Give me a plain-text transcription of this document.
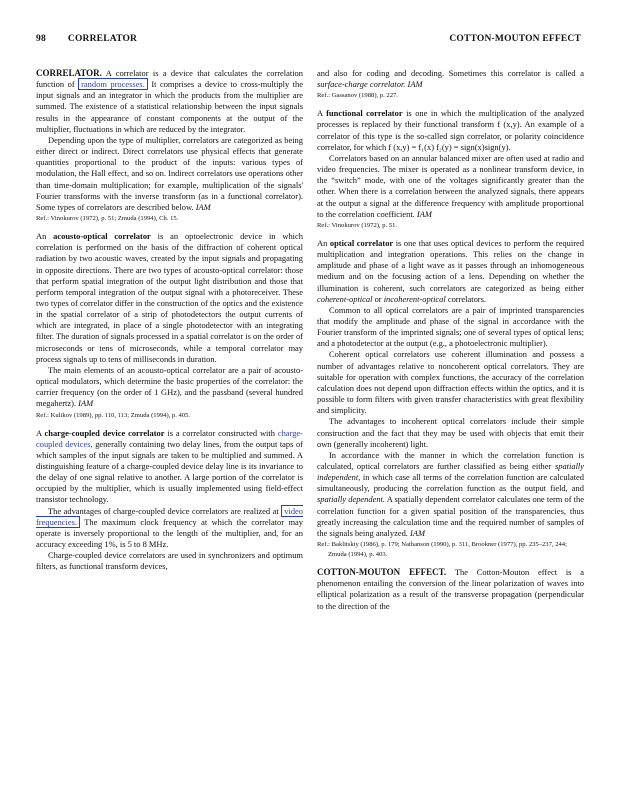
98 CORRELATOR	COTTON-MOUTON EFFECT

CORRELATOR. A correlator is a device that calculates the correlation function of random processes. It comprises a device to cross-multiply the input signals and an integrator in which the products from the multiplier are summed. The existence of a statistical relationship between the input signals results in the appearance of constant components at the output of the multiplier, fluctuations in which are reduced by the integrator.

Depending upon the type of multiplier, correlators are categorized as being either direct or indirect. Direct correlators use physical effects that generate quantities proportional to the product of the inputs: various types of modulation, the Hall effect, and so on. Indirect correlators use operations other than time-domain multiplication; for example, multiplication of the signals' Fourier transforms with the inverse transform (as in a functional correlator). Some types of correlators are described below. IAM

Ref.: Vinokurov (1972), p. 51; Zmuda (1994), Ch. 15.

An acousto-optical correlator is an optoelectronic device in which correlation is performed on the basis of the diffraction of coherent optical radiation by two acoustic waves, created by the input signals and propagating in opposite directions. There are two types of acousto-optical correlator: those that perform spatial integration of the output light distribution and those that perform temporal integration of the output signal with a photoreceiver. These two types of correlator differ in the construction of the optics and the existence in the spatial correlator of a strip of photodetectors the output currents of which are integrated, in place of a single photodetector with an integrating filter. The duration of signals processed in a spatial correlator is on the order of microseconds or tens of microseconds, while a temporal correlator may process signals up to tens of milliseconds in duration.

The main elements of an acousto-optical correlator are a pair of acousto-optical modulators, which determine the basic properties of the correlator: the carrier frequency (on the order of 1 GHz), and the passband (several hundred megahertz). IAM

Ref.: Kulikov (1989), pp. 110, 113; Zmuda (1994), p. 405.

A charge-coupled device correlator is a correlator constructed with charge-coupled devices, generally containing two delay lines, from the output taps of which samples of the input signals are taken to be multiplied and summed. A distinguishing feature of a charge-coupled device delay line is its invariance to the delay of one signal relative to another. A large portion of the correlator is occupied by the multiplier, which is usually implemented using field-effect transistor technology.

The advantages of charge-coupled device correlators are realized at video frequencies. The maximum clock frequency at which the correlator may operate is inversely proportional to the length of the multiplier, and, for an accuracy exceeding 1%, is 5 to 8 MHz.

Charge-coupled device correlators are used in synchronizers and optimum filters, as functional transform devices,

and also for coding and decoding. Sometimes this correlator is called a surface-charge correlator. IAM

Ref.: Gassanov (1988), p. 227.

A functional correlator is one in which the multiplication of the analyzed processes is replaced by their functional transform f (x,y). An example of a correlator of this type is the so-called sign correlator, or polarity coincidence correlator, for which f (x,y) = f₁(x) f₂(y) = sign(x)sign(y).

Correlators based on an annular balanced mixer are often used at radio and video frequencies. The mixer is operated as a nonlinear transform device, in the “switch” mode, with one of the voltages significantly greater than the other. When there is a correlation between the analyzed signals, there appears at the output a signal at the difference frequency with amplitude proportional to the correlation coefficient. IAM

Ref.: Vinokurov (1972), p. 51.

An optical correlator is one that uses optical devices to perform the required multiplication and integration operations. This relies on the change in amplitude and phase of a light wave as it passes through an inhomogeneous medium and on the focusing action of a lens. Depending on whether the illumination is coherent, such correlators are categorized as being either coherent-optical or incoherent-optical correlators.

Common to all optical correlators are a pair of imprinted transparencies that modify the amplitude and phase of the signal in accordance with the Fourier transform of the imprinted signals; one of several types of optical lens; and a photodetector at the output (e.g., a photoelectronic multiplier).

Coherent optical correlators use coherent illumination and possess a number of advantages relative to noncoherent optical correlators. They are suitable for operation with complex functions, the accuracy of the correlation calculation does not depend upon diffraction effects within the optics, and it is possible to form filters with given transfer characteristics with great flexibility and simplicity.

The advantages to incoherent optical correlators include their simple construction and the fact that they may be used with objects that emit their own (generally incoherent) light.

In accordance with the manner in which the correlation function is calculated, optical correlators are further classified as being either spatially independent, in which case all terms of the correlation function are calculated simultaneously, producing the correlation function as the output field, and spatially dependent. A spatially dependent correlator calculates one term of the correlation function for a given spatial position of the transparencies, thus greatly increasing the calculation time and the required number of samples of the signals being analyzed. IAM

Ref.: Baklitskiy (1986), p. 179; Nathanson (1990), p. 311, Brookner (1977), pp. 235–237, 244; Zmuda (1994), p. 403.

COTTON-MOUTON EFFECT. The Cotton-Mouton effect is a phenomenon entailing the conversion of the linear polarization of waves into elliptical polarization as a result of the transverse propagation (perpendicular to the direction of the
